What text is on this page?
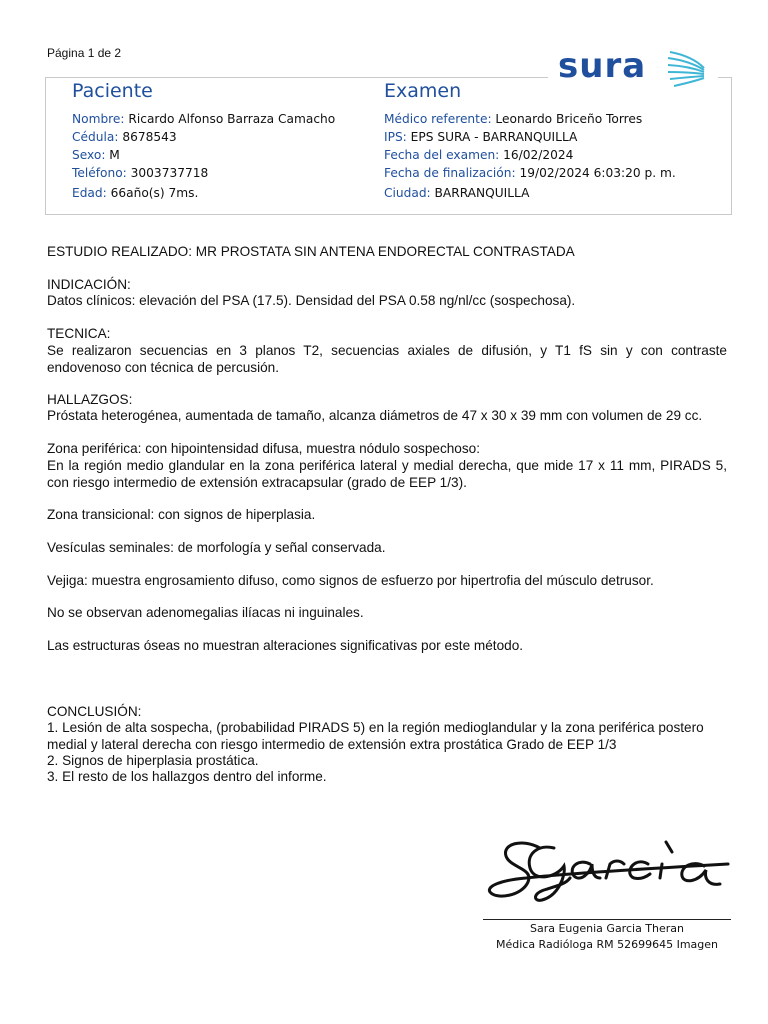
Página 1 de 2	sura
Paciente	Examen
Nombre: Ricardo Alfonso Barraza Camacho
Cédula: 8678543
Sexo: M
Teléfono: 3003737718
Edad: 66año(s) 7ms.
Médico referente: Leonardo Briceño Torres
IPS: EPS SURA - BARRANQUILLA
Fecha del examen: 16/02/2024
Fecha de finalización: 19/02/2024 6:03:20 p. m.
Ciudad: BARRANQUILLA
ESTUDIO REALIZADO: MR PROSTATA SIN ANTENA ENDORECTAL CONTRASTADA
INDICACIÓN:
Datos clínicos: elevación del PSA (17.5). Densidad del PSA 0.58 ng/nl/cc (sospechosa).
TECNICA:
Se realizaron secuencias en 3 planos T2, secuencias axiales de difusión, y T1 fS sin y con contraste endovenoso con técnica de percusión.
HALLAZGOS:
Próstata heterogénea, aumentada de tamaño, alcanza diámetros de 47 x 30 x 39 mm con volumen de 29 cc.
Zona periférica: con hipointensidad difusa, muestra nódulo sospechoso:
En la región medio glandular en la zona periférica lateral y medial derecha, que mide 17 x 11 mm, PIRADS 5, con riesgo intermedio de extensión extracapsular (grado de EEP 1/3).
Zona transicional: con signos de hiperplasia.
Vesículas seminales: de morfología y señal conservada.
Vejiga: muestra engrosamiento difuso, como signos de esfuerzo por hipertrofia del músculo detrusor.
No se observan adenomegalias ilíacas ni inguinales.
Las estructuras óseas no muestran alteraciones significativas por este método.
CONCLUSIÓN:
1. Lesión de alta sospecha, (probabilidad PIRADS 5) en la región medioglandular y la zona periférica postero medial y lateral derecha con riesgo intermedio de extensión extra prostática Grado de EEP 1/3
2. Signos de hiperplasia prostática.
3. El resto de los hallazgos dentro del informe.
Sara Eugenia Garcia Theran
Médica Radióloga RM 52699645 Imagen
